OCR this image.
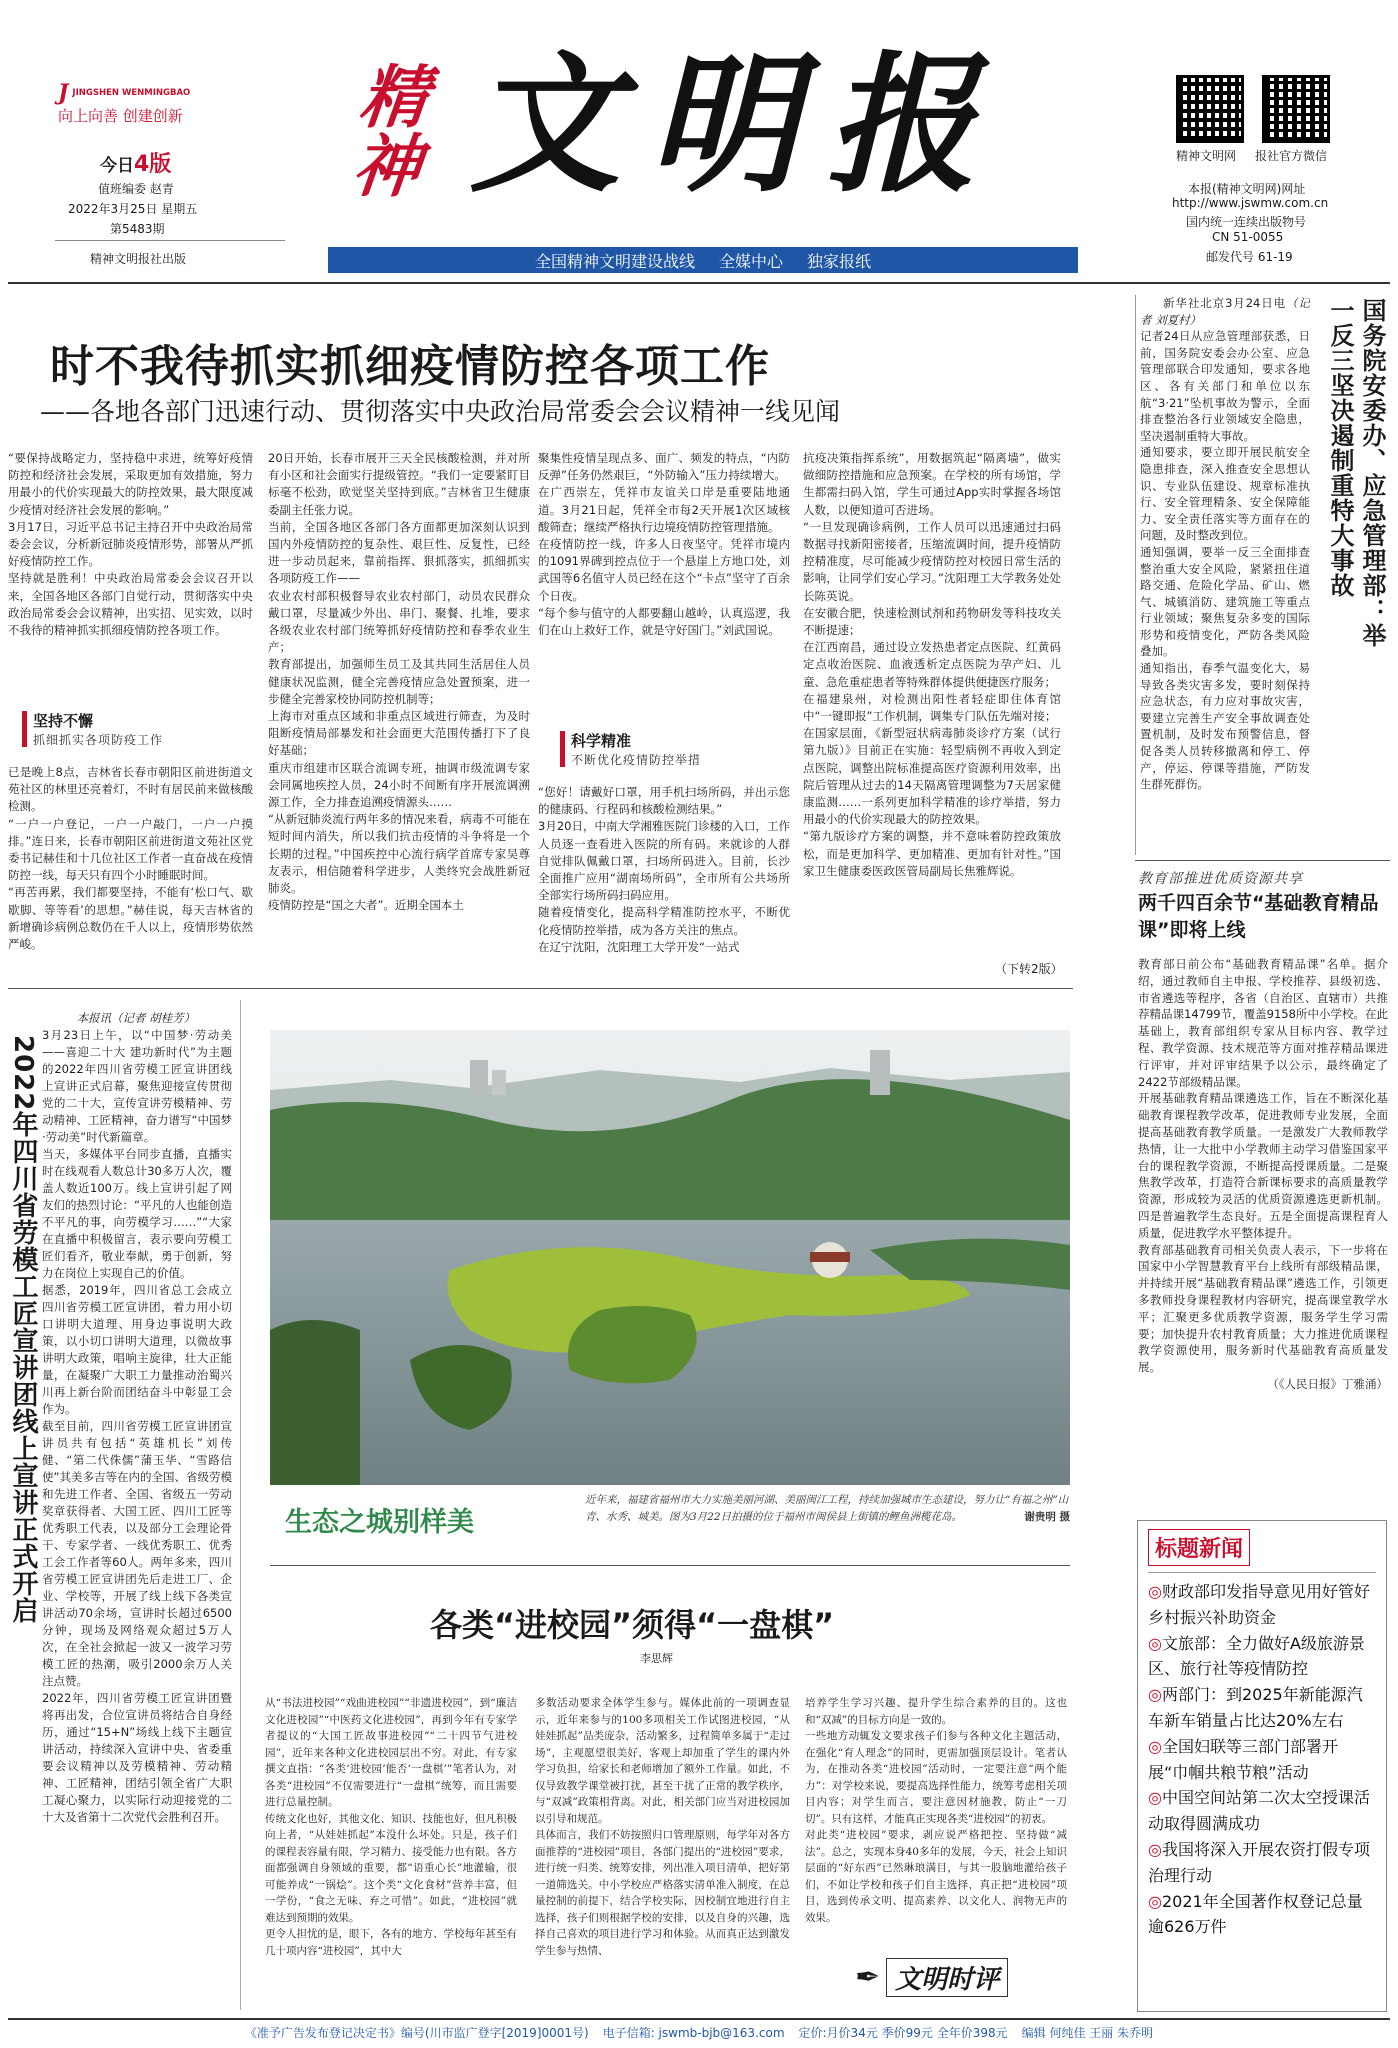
J JINGSHEN WENMINGBAO
向上向善 创建创新
今日4版
值班编委 赵青
2022年3月25日 星期五
第5483期
精神文明报社出版
精神 文明报
全国精神文明建设战线 全媒中心 独家报纸
精神文明网 报社官方微信
本报(精神文明网)网址
http://www.jswmw.com.cn
国内统一连续出版物号
CN 51-0055
邮发代号 61-19
时不我待抓实抓细疫情防控各项工作
——各地各部门迅速行动、贯彻落实中央政治局常委会会议精神一线见闻
“要保持战略定力，坚持稳中求进，统筹好疫情防控和经济社会发展，采取更加有效措施，努力用最小的代价实现最大的防控效果，最大限度减少疫情对经济社会发展的影响。”
3月17日，习近平总书记主持召开中央政治局常委会会议，分析新冠肺炎疫情形势，部署从严抓好疫情防控工作。
坚持就是胜利！中央政治局常委会会议召开以来，全国各地区各部门自觉行动，贯彻落实中央政治局常委会会议精神，出实招、见实效，以时不我待的精神抓实抓细疫情防控各项工作。
坚持不懈
抓细抓实各项防疫工作
已是晚上8点，吉林省长春市朝阳区前进街道文苑社区的林里还亮着灯，不时有居民前来做核酸检测。
“一户一户登记，一户一户敲门，一户一户摸排。”连日来，长春市朝阳区前进街道文苑社区党委书记赫佳和十几位社区工作者一直奋战在疫情防控一线，每天只有四个小时睡眠时间。
“再苦再累，我们都要坚持，不能有‘松口气、歇歇脚、等等看’的思想。”赫佳说，每天吉林省的新增确诊病例总数仍在千人以上，疫情形势依然严峻。
20日开始，长春市展开三天全民核酸检测，并对所有小区和社会面实行提级管控。“我们一定要紧盯目标毫不松劲，欧觉坚关坚持到底。”吉林省卫生健康委副主任张力说。
当前，全国各地区各部门各方面都更加深刻认识到国内外疫情防控的复杂性、艰巨性、反复性，已经进一步动员起来，靠前指挥、狠抓落实，抓细抓实各项防疫工作——
农业农村部积极督导农业农村部门，动员农民群众戴口罩，尽量减少外出、串门、聚餐、扎堆，要求各级农业农村部门统筹抓好疫情防控和春季农业生产；
教育部提出，加强师生员工及其共同生活居住人员健康状况监测，健全完善疫情应急处置预案，进一步健全完善家校协同防控机制等；
上海市对重点区域和非重点区域进行筛查，为及时阻断疫情局部暴发和社会面更大范围传播打下了良好基础；
重庆市组建市区联合流调专班，抽调市级流调专家会同属地疾控人员，24小时不间断有序开展流调溯源工作，全力排查追溯疫情源头……
“从新冠肺炎流行两年多的情况来看，病毒不可能在短时间内消失，所以我们抗击疫情的斗争将是一个长期的过程。”中国疾控中心流行病学首席专家吴尊友表示，相信随着科学进步，人类终究会战胜新冠肺炎。
疫情防控是“国之大者”。近期全国本土
聚集性疫情呈现点多、面广、频发的特点，“内防反弹”任务仍然艰巨，“外防输入”压力持续增大。
在广西崇左，凭祥市友谊关口岸是重要陆地通道。3月21日起，凭祥全市每2天开展1次区域核酸筛查；继续严格执行边境疫情防控管理措施。
在疫情防控一线，许多人日夜坚守。凭祥市境内的1091界碑到控点位于一个悬崖上方地口处，刘武国等6名值守人员已经在这个“卡点”坚守了百余个日夜。
“每个参与值守的人都要翻山越岭，认真巡逻，我们在山上救好工作，就是守好国门。”刘武国说。
科学精准
不断优化疫情防控举措
“您好！请戴好口罩，用手机扫场所码，并出示您的健康码、行程码和核酸检测结果。”
3月20日，中南大学湘雅医院门诊楼的入口，工作人员逐一查看进入医院的所有码。来就诊的人群自觉排队佩戴口罩，扫场所码进入。目前，长沙全面推广应用“湖南场所码”，全市所有公共场所全部实行场所码扫码应用。
随着疫情变化，提高科学精准防控水平，不断优化疫情防控举措，成为各方关注的焦点。
在辽宁沈阳，沈阳理工大学开发“一站式
抗疫决策指挥系统”，用数据筑起“隔离墙”，做实做细防控措施和应急预案。在学校的所有场馆，学生都需扫码入馆，学生可通过App实时掌握各场馆人数，以便知道可否进场。
“一旦发现确诊病例，工作人员可以迅速通过扫码数据寻找新阳密接者，压缩流调时间，提升疫情防控精准度，尽可能减少疫情防控对校园日常生活的影响，让同学们安心学习。”沈阳理工大学教务处处长陈英说。
在安徽合肥，快速检测试剂和药物研发等科技攻关不断提速；
在江西南昌，通过设立发热患者定点医院、红黄码定点收治医院、血液透析定点医院为孕产妇、儿童、急危重症患者等特殊群体提供便捷医疗服务；
在福建泉州，对检测出阳性者轻症即住体育馆中“一键即报”工作机制，调集专门队伍先端对接；
在国家层面，《新型冠状病毒肺炎诊疗方案（试行第九版）》目前正在实施：轻型病例不再收入到定点医院，调整出院标准提高医疗资源利用效率，出院后管理从过去的14天隔离管理调整为7天居家健康监测……一系列更加科学精准的诊疗举措，努力用最小的代价实现最大的防控效果。
“第九版诊疗方案的调整，并不意味着防控政策放松，而是更加科学、更加精准、更加有针对性。”国家卫生健康委医政医管局副局长焦雅辉说。
（下转2版）
国务院安委办、应急管理部：举一反三坚决遏制重特大事故
新华社北京3月24日电（记者 刘夏村）
记者24日从应急管理部获悉，日前，国务院安委会办公室、应急管理部联合印发通知，要求各地区、各有关部门和单位以东航“3·21”坠机事故为警示，全面排查整治各行业领域安全隐患，坚决遏制重特大事故。
通知要求，要立即开展民航安全隐患排查，深入推查安全思想认识、专业队伍建设、规章标准执行、安全管理精条、安全保障能力、安全责任落实等方面存在的问题，及时整改到位。
通知强调，要举一反三全面排查整治重大安全风险，紧紧扭住道路交通、危险化学品、矿山、燃气、城镇消防、建筑施工等重点行业领域；聚焦复杂多变的国际形势和疫情变化，严防各类风险叠加。
通知指出，春季气温变化大，易导致各类灾害多发，要时刻保持应急状态，有力应对事故灾害，要建立完善生产安全事故调查处置机制，及时发布预警信息，督促各类人员转移撤离和停工、停产，停运、停课等措施，严防发生群死群伤。
教育部推进优质资源共享
两千四百余节“基础教育精品课”即将上线
教育部日前公布“基础教育精品课”名单。据介绍，通过教师自主申报、学校推荐、县级初选、市省遴选等程序，各省（自治区、直辖市）共推荐精品课14799节，覆盖9158所中小学校。在此基础上，教育部组织专家从目标内容、教学过程、教学资源、技术规范等方面对推荐精品课进行评审，并对评审结果予以公示，最终确定了2422节部级精品课。
开展基础教育精品课遴选工作，旨在不断深化基础教育课程教学改革，促进教师专业发展，全面提高基础教育教学质量。一是激发广大教师教学热情，让一大批中小学教师主动学习借鉴国家平台的课程教学资源，不断提高授课质量。二是聚焦教学改革，打造符合新课标要求的高质量教学资源，形成较为灵活的优质资源遴选更新机制。四是普遍教学生态良好。五是全面提高课程育人质量，促进教学水平整体提升。
教育部基础教育司相关负责人表示，下一步将在国家中小学智慧教育平台上线所有部级精品课，并持续开展“基础教育精品课”遴选工作，引领更多教师投身课程教材内容研究，提高课堂教学水平；汇聚更多优质教学资源，服务学生学习需要；加快提升农村教育质量；大力推进优质课程教学资源使用，服务新时代基础教育高质量发展。
（《人民日报》丁雅涌）
标题新闻
◎财政部印发指导意见用好管好乡村振兴补助资金
◎文旅部：全力做好A级旅游景区、旅行社等疫情防控
◎两部门：到2025年新能源汽车新车销量占比达20%左右
◎全国妇联等三部门部署开展“巾帼共粮节粮”活动
◎中国空间站第二次太空授课活动取得圆满成功
◎我国将深入开展农资打假专项治理行动
◎2021年全国著作权登记总量逾626万件
2022年四川省劳模工匠宣讲团线上宣讲正式开启
本报讯（记者 胡桂芳）
3月23日上午，以“中国梦·劳动美——喜迎二十大 建功新时代”为主题的2022年四川省劳模工匠宣讲团线上宣讲正式启幕，聚焦迎接宣传贯彻党的二十大，宣传宣讲劳模精神、劳动精神、工匠精神，奋力谱写“中国梦·劳动美”时代新篇章。
当天，多媒体平台同步直播，直播实时在线观看人数总计30多万人次，覆盖人数近100万。线上宣讲引起了网友们的热烈讨论：“平凡的人也能创造不平凡的事，向劳模学习……”“大家在直播中积极留言，表示要向劳模工匠们看齐，敬业奉献，勇于创新，努力在岗位上实现自己的价值。
据悉，2019年，四川省总工会成立四川省劳模工匠宣讲团，着力用小切口讲明大道理、用身边事说明大政策，以小切口讲明大道理，以微故事讲明大政策，唱响主旋律，壮大正能量，在凝聚广大职工力量推动治蜀兴川再上新台阶而团结奋斗中彰显工会作为。
截至目前，四川省劳模工匠宣讲团宣讲员共有包括“英雄机长”刘传健、“第二代侏儒”蒲玉华、“雪路信使”其美多吉等在内的全国、省级劳模和先进工作者、全国、省级五一劳动奖章获得者、大国工匠、四川工匠等优秀职工代表，以及部分工会理论骨干、专家学者、一线优秀职工、优秀工会工作者等60人。两年多来，四川省劳模工匠宣讲团先后走进工厂、企业、学校等，开展了线上线下各类宣讲活动70余场，宣讲时长超过6500分钟，现场及网络观众超过5万人次，在全社会掀起一波又一波学习劳模工匠的热潮，吸引2000余万人关注点赞。
2022年，四川省劳模工匠宣讲团暨将再出发，合位宣讲员将结合自身经历，通过“15+N”场线上线下主题宣讲活动，持续深入宣讲中央、省委重要会议精神以及劳模精神、劳动精神、工匠精神，团结引领全省广大职工凝心聚力，以实际行动迎接党的二十大及省第十二次党代会胜利召开。
生态之城别样美
近年来，福建省福州市大力实施美丽河湖、美丽闽江工程，持续加强城市生态建设，努力让“有福之州”山青、水秀、城美。图为3月22日拍摄的位于福州市闽侯县上街镇的鲤鱼洲榄花岛。	谢贵明 摄
各类“进校园”须得“一盘棋”
李思辉
从“书法进校园”“戏曲进校园”“非遗进校园”，到“廉洁文化进校园”“中医药文化进校园”，再到今年有专家学者提议的“大国工匠故事进校园”“二十四节气进校园”，近年来各种文化进校园层出不穷。对此，有专家撰文直指：“各类‘进校园’能否‘一盘棋’”笔者认为，对各类“进校园”不仅需要进行“一盘棋”统筹，而且需要进行总量控制。
传统文化也好，其他文化、知识、技能也好，但凡积极向上者，“从娃娃抓起”本没什么坏处。只是，孩子们的课程表容量有限，学习精力、接受能力也有限。各方面都强调自身领域的重要，都“语重心长”地灌输，很可能养成“一锅烩”。这个类“文化食材”营养丰富，但一学份，“食之无味、弃之可惜”。如此，“进校园”就难达到预期的效果。
更令人担忧的是，眼下，各有的地方、学校每年甚至有几十项内容“进校园”，其中大
多数活动要求全体学生参与。媒体此前的一项调查显示，近年来参与的100多项相关工作试图进校园，“从娃娃抓起”品类庞杂，活动繁多，过程简单多属于“走过场”，主观愿望很美好，客观上却加重了学生的课内外学习负担，给家长和老师增加了额外工作量。如此，不仅导致教学课堂被打扰，甚至干扰了正常的教学秩序，与“双减”政策相背离。对此，相关部门应当对进校园加以引导和规范。
具体而言，我们不妨按照归口管理原则，每学年对各方面推荐的“进校园”项目，各部门提出的“进校园”要求，进行统一归类、统筹安排，列出准入项目清单，把好第一道筛选关。中小学校应严格落实清单准入制度，在总量控制的前提下，结合学校实际，因校制宜地进行自主选择，孩子们则根据学校的安排，以及自身的兴趣，选择自己喜欢的项目进行学习和体验。从而真正达到激发学生参与热情、
培养学生学习兴趣、提升学生综合素养的目的。这也和“双减”的目标方向是一致的。
一些地方动辄发文要求孩子们参与各种文化主题活动，在强化“育人理念”的同时，更需加强顶层设计。笔者认为，在推动各类“进校园”活动时，一定要注意“两个能力”：对学校来说，要提高选择性能力，统筹考虑相关项目内容；对学生而言，要注意因材施教，防止“一刀切”。只有这样，才能真正实现各类“进校园”的初衷。
对此类“进校园”要求，剥应说严格把控、坚持做“减法”。总之，实现本身40多年的发展，今天，社会上知识层面的“好东西”已然琳琅满目，与其一股脑地灌给孩子们，不如让学校和孩子们自主选择，真正把“进校园”项目，选到传承文明、提高素养、以文化人、润物无声的效果。
✒ 文明时评
《准予广告发布登记决定书》编号(川市监广登字[2019]0001号) 电子信箱: jswmb-bjb@163.com 定价:月价34元 季价99元 全年价398元 编辑 何纯佳 王丽 朱乔明
